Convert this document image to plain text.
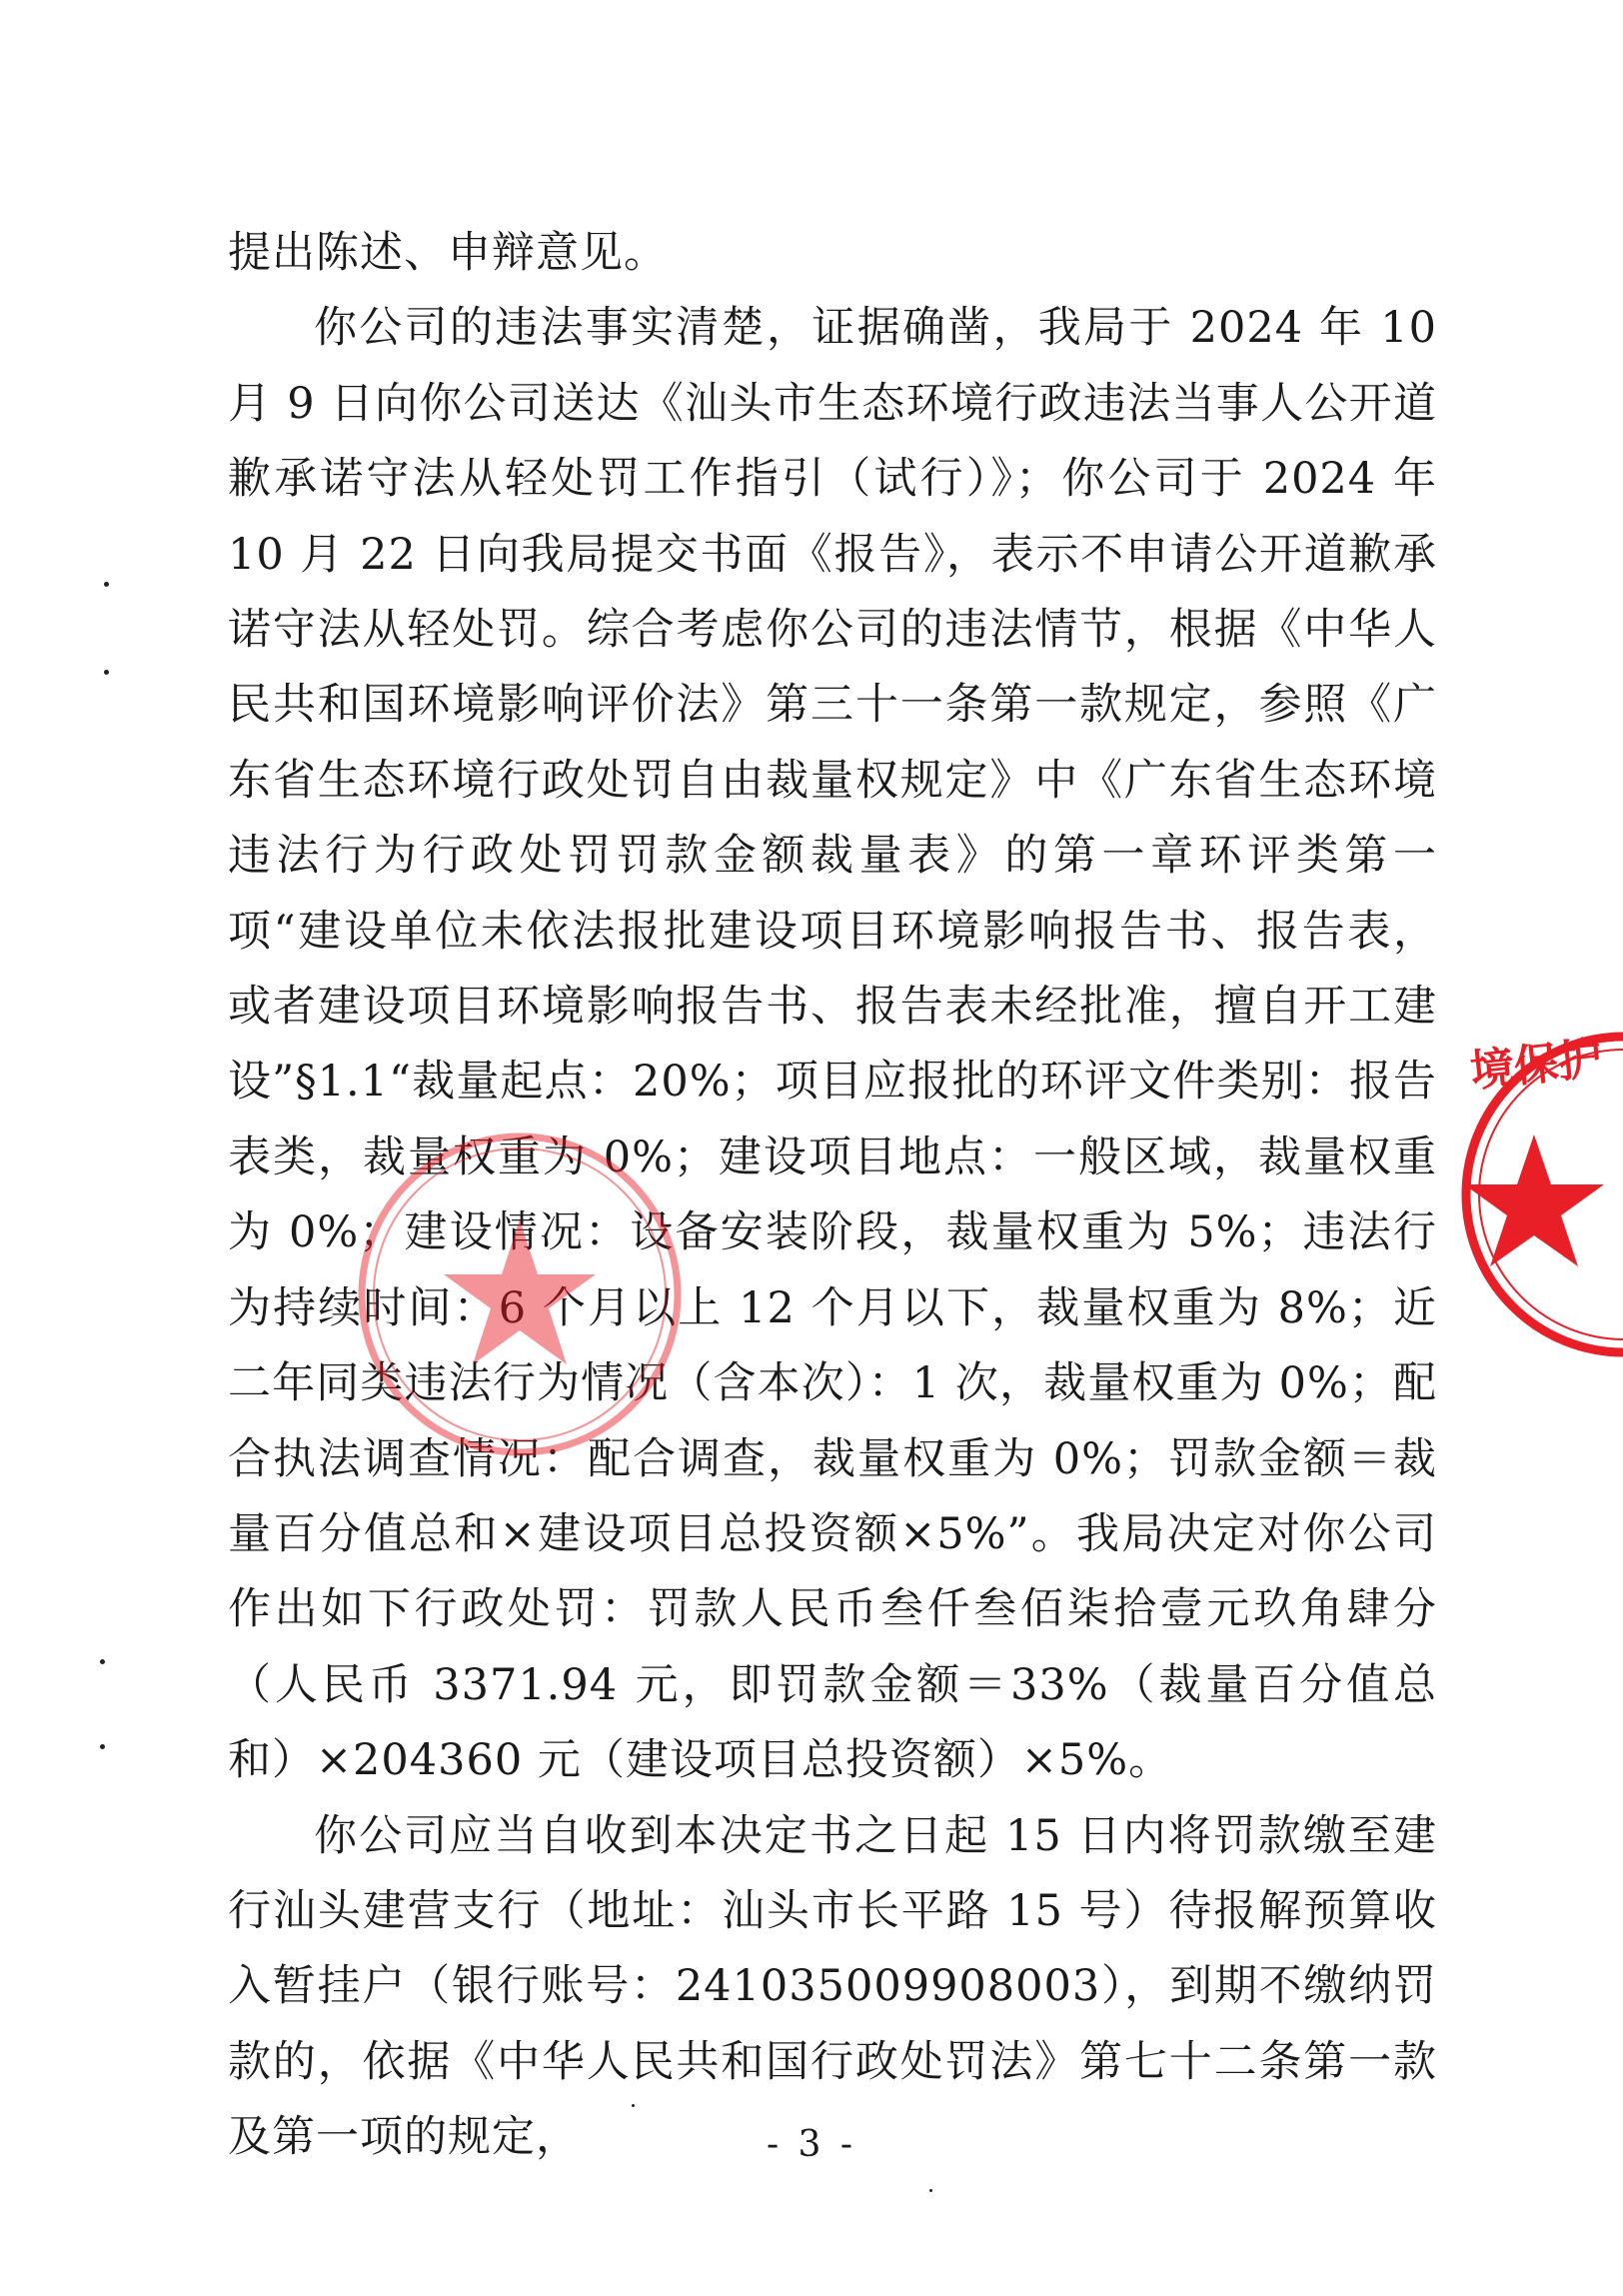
提出陈述、申辩意见。

你公司的违法事实清楚，证据确凿，我局于 2024 年 10 月 9 日向你公司送达《汕头市生态环境行政违法当事人公开道歉承诺守法从轻处罚工作指引（试行）》；你公司于 2024 年 10 月 22 日向我局提交书面《报告》，表示不申请公开道歉承诺守法从轻处罚。综合考虑你公司的违法情节，根据《中华人民共和国环境影响评价法》第三十一条第一款规定，参照《广东省生态环境行政处罚自由裁量权规定》中《广东省生态环境违法行为行政处罚罚款金额裁量表》的第一章环评类第一项“建设单位未依法报批建设项目环境影响报告书、报告表，或者建设项目环境影响报告书、报告表未经批准，擅自开工建设”§1.1“裁量起点：20%；项目应报批的环评文件类别：报告表类，裁量权重为 0%；建设项目地点：一般区域，裁量权重为 0%；建设情况：设备安装阶段，裁量权重为 5%；违法行为持续时间：6 个月以上 12 个月以下，裁量权重为 8%；近二年同类违法行为情况（含本次）：1 次，裁量权重为 0%；配合执法调查情况：配合调查，裁量权重为 0%；罚款金额＝裁量百分值总和×建设项目总投资额×5%”。我局决定对你公司作出如下行政处罚：罚款人民币叁仟叁佰柒拾壹元玖角肆分（人民币 3371.94 元，即罚款金额＝33%（裁量百分值总和）×204360 元（建设项目总投资额）×5%。

你公司应当自收到本决定书之日起 15 日内将罚款缴至建行汕头建营支行（地址：汕头市长平路 15 号）待报解预算收入暂挂户（银行账号：241035009908003），到期不缴纳罚款的，依据《中华人民共和国行政处罚法》第七十二条第一款及第一项的规定，	- 3 -
境保护
